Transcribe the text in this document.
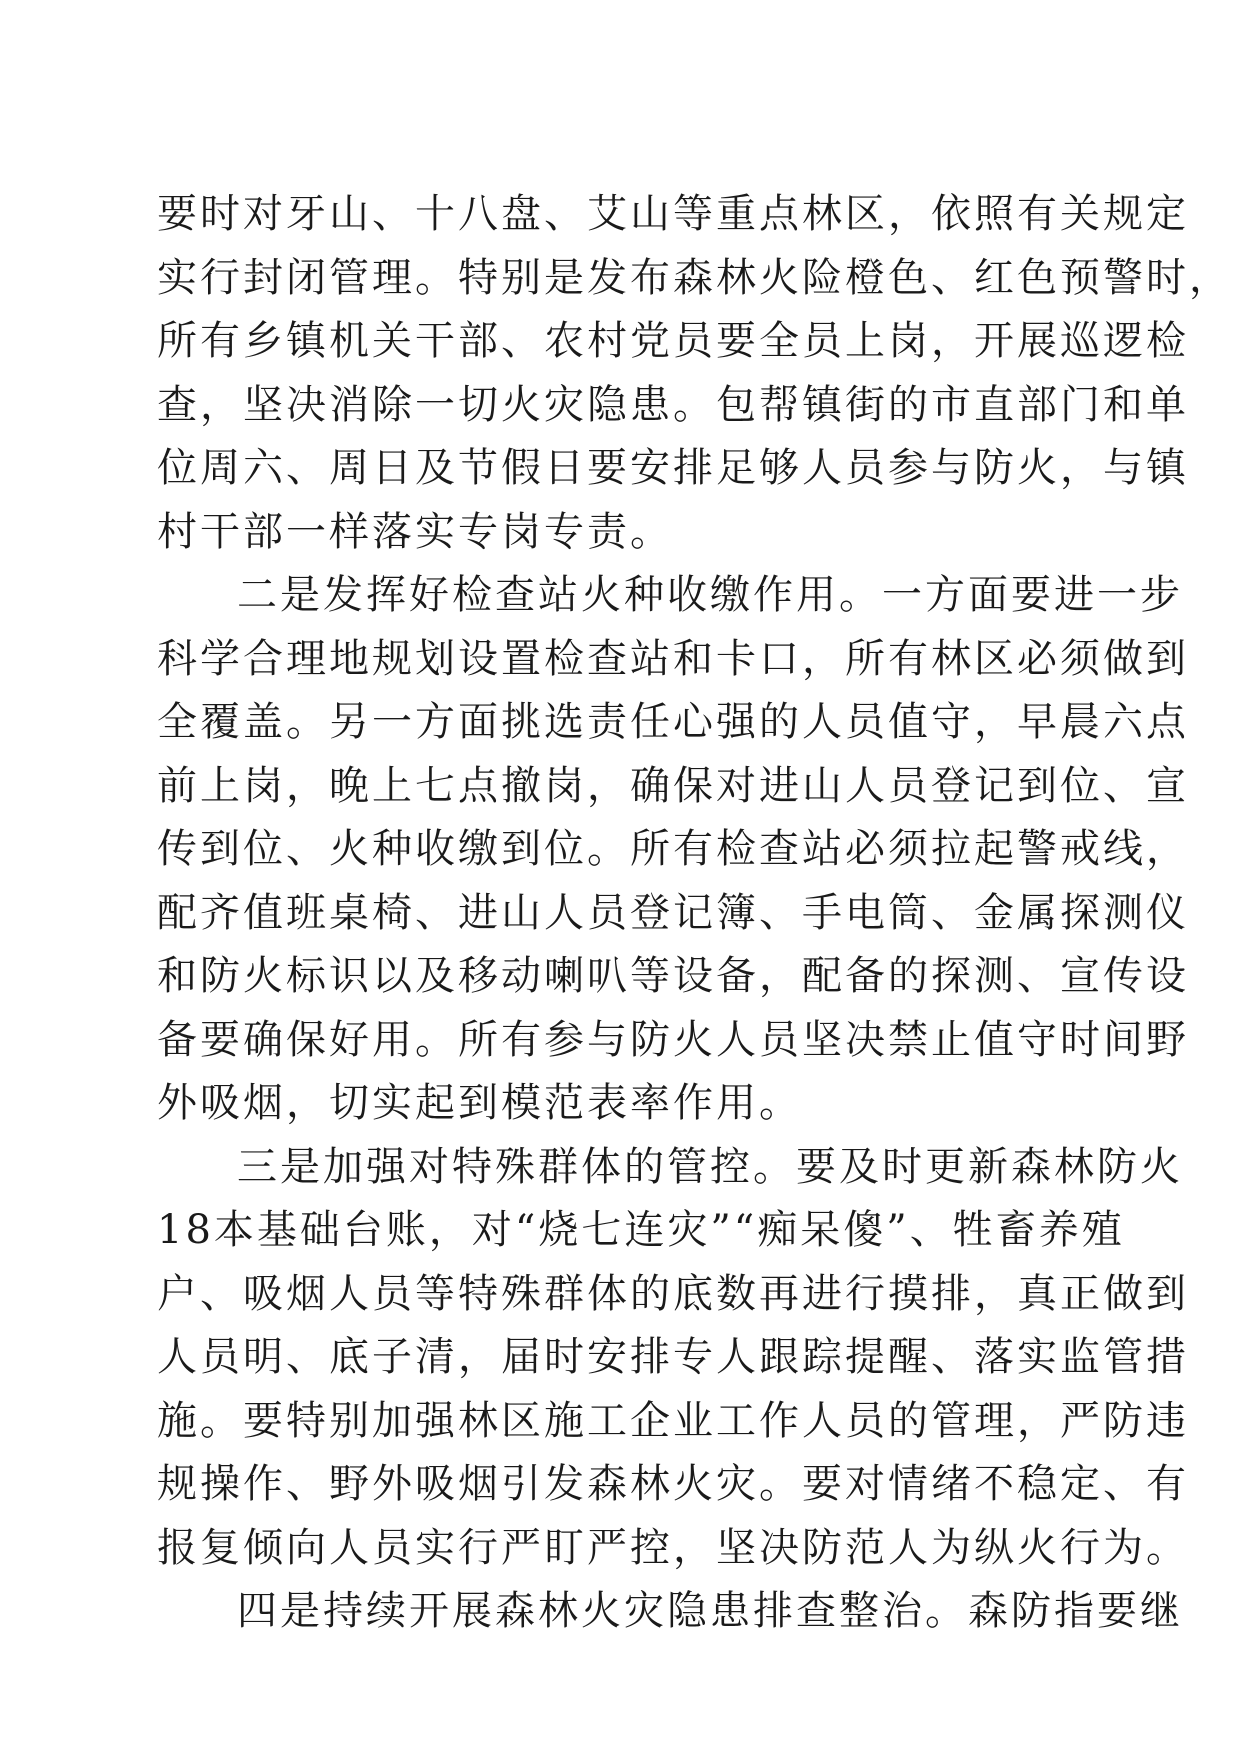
要时对牙山、十八盘、艾山等重点林区，依照有关规定
实行封闭管理。特别是发布森林火险橙色、红色预警时，
所有乡镇机关干部、农村党员要全员上岗，开展巡逻检
查，坚决消除一切火灾隐患。包帮镇街的市直部门和单
位周六、周日及节假日要安排足够人员参与防火，与镇
村干部一样落实专岗专责。
二是发挥好检查站火种收缴作用。一方面要进一步
科学合理地规划设置检查站和卡口，所有林区必须做到
全覆盖。另一方面挑选责任心强的人员值守，早晨六点
前上岗，晚上七点撤岗，确保对进山人员登记到位、宣
传到位、火种收缴到位。所有检查站必须拉起警戒线，
配齐值班桌椅、进山人员登记簿、手电筒、金属探测仪
和防火标识以及移动喇叭等设备，配备的探测、宣传设
备要确保好用。所有参与防火人员坚决禁止值守时间野
外吸烟，切实起到模范表率作用。
三是加强对特殊群体的管控。要及时更新森林防火
18本基础台账，对“烧七连灾”“痴呆傻”、牲畜养殖
户、吸烟人员等特殊群体的底数再进行摸排，真正做到
人员明、底子清，届时安排专人跟踪提醒、落实监管措
施。要特别加强林区施工企业工作人员的管理，严防违
规操作、野外吸烟引发森林火灾。要对情绪不稳定、有
报复倾向人员实行严盯严控，坚决防范人为纵火行为。
四是持续开展森林火灾隐患排查整治。森防指要继
